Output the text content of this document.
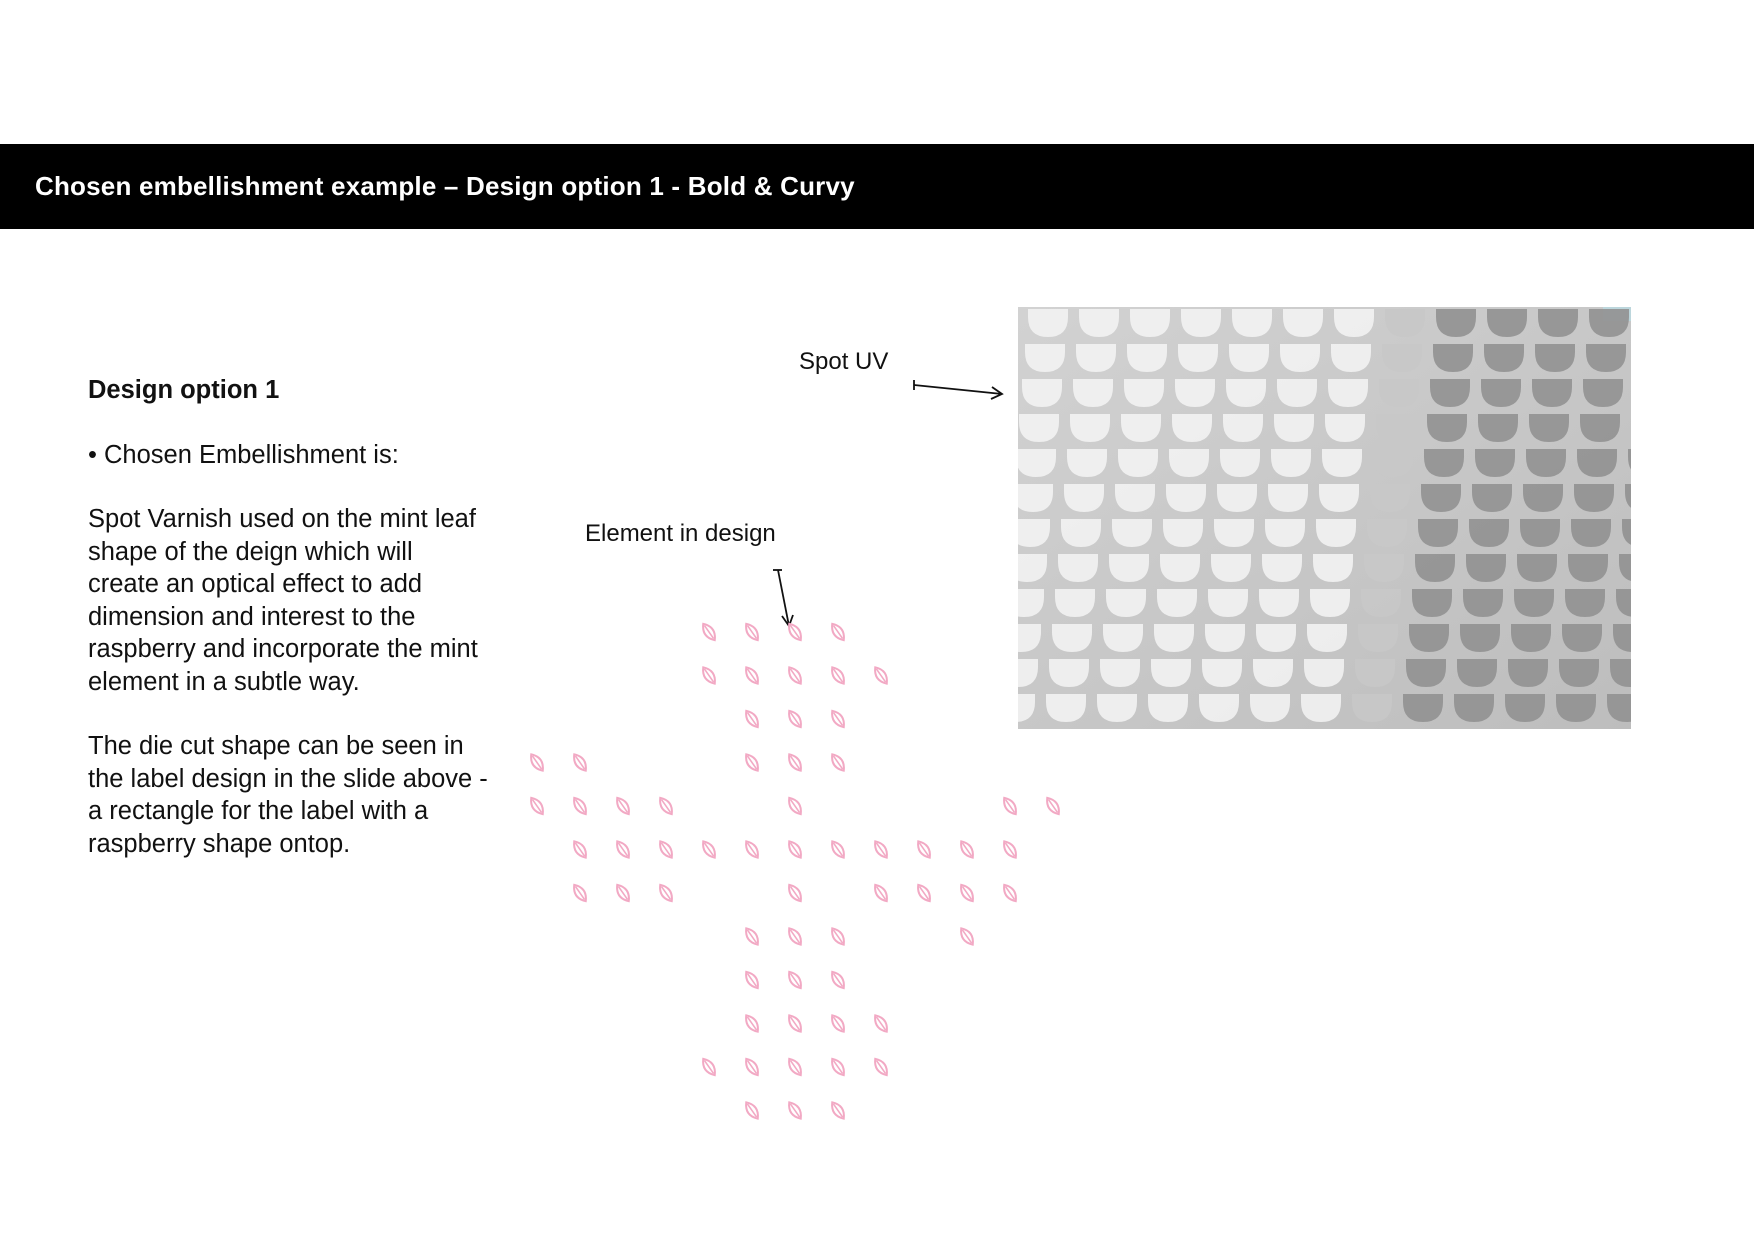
Chosen embellishment example – Design option 1 - Bold & Curvy
Design option 1

• Chosen Embellishment is:

Spot Varnish used on the mint leaf shape of the deign which will create an optical effect to add dimension and interest to the raspberry and incorporate the mint element in a subtle way.

The die cut shape can be seen in the label design in the slide above - a rectangle for the label with a raspberry shape ontop.

Spot UV
Element in design
